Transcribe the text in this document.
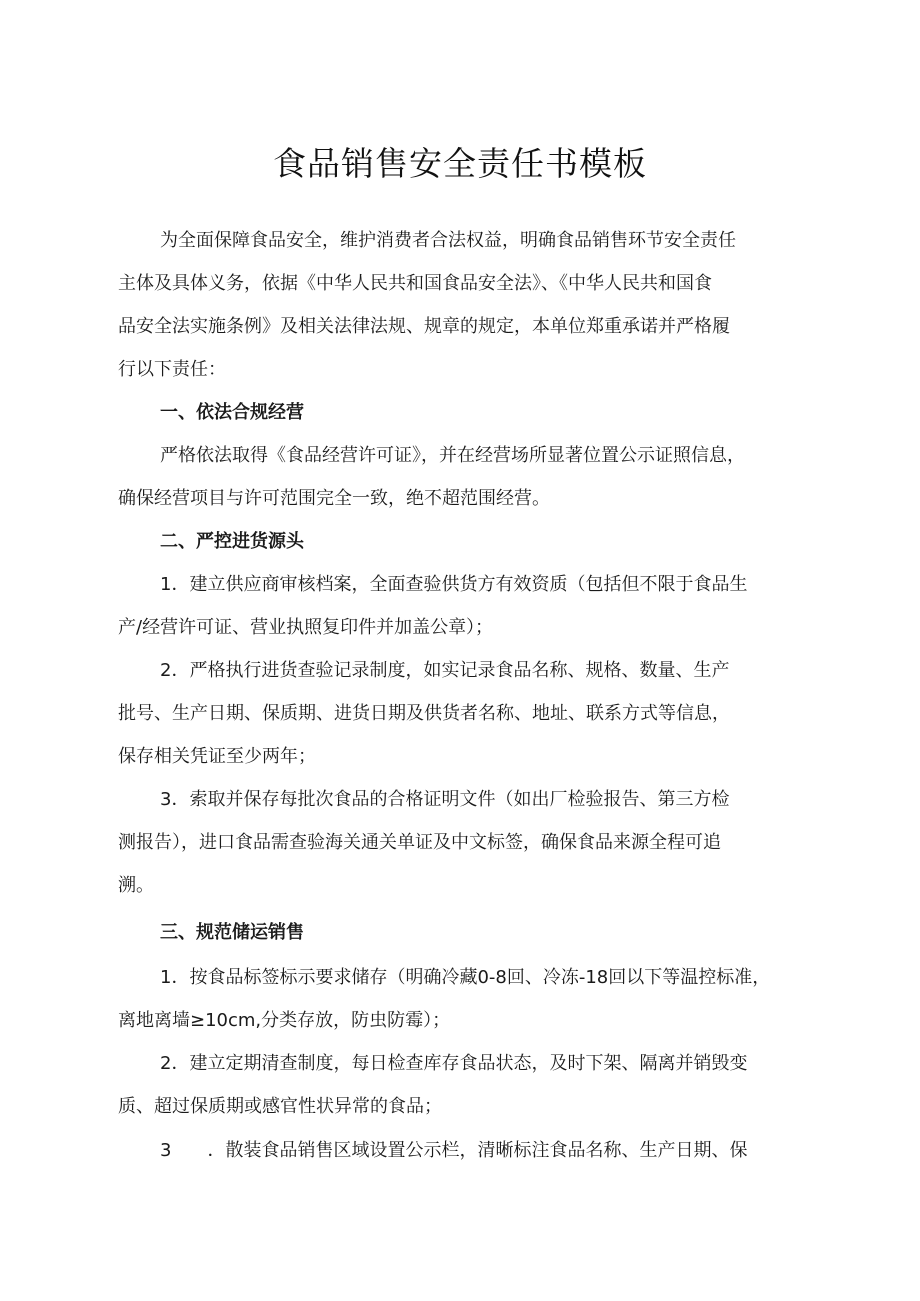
食品销售安全责任书模板
为全面保障食品安全，维护消费者合法权益，明确食品销售环节安全责任
主体及具体义务，依据《中华人民共和国食品安全法》、《中华人民共和国食
品安全法实施条例》及相关法律法规、规章的规定，本单位郑重承诺并严格履
行以下责任：
一、依法合规经营
严格依法取得《食品经营许可证》，并在经营场所显著位置公示证照信息，
确保经营项目与许可范围完全一致，绝不超范围经营。
二、严控进货源头
1．建立供应商审核档案，全面查验供货方有效资质（包括但不限于食品生
产/经营许可证、营业执照复印件并加盖公章）；
2．严格执行进货查验记录制度，如实记录食品名称、规格、数量、生产
批号、生产日期、保质期、进货日期及供货者名称、地址、联系方式等信息，
保存相关凭证至少两年；
3．索取并保存每批次食品的合格证明文件（如出厂检验报告、第三方检
测报告），进口食品需查验海关通关单证及中文标签，确保食品来源全程可追
溯。
三、规范储运销售
1．按食品标签标示要求储存（明确冷藏0-8回、冷冻-18回以下等温控标准，
离地离墙≥10cm,分类存放，防虫防霉）；
2．建立定期清查制度，每日检查库存食品状态，及时下架、隔离并销毁变
质、超过保质期或感官性状异常的食品；
3　　．散装食品销售区域设置公示栏，清晰标注食品名称、生产日期、保
